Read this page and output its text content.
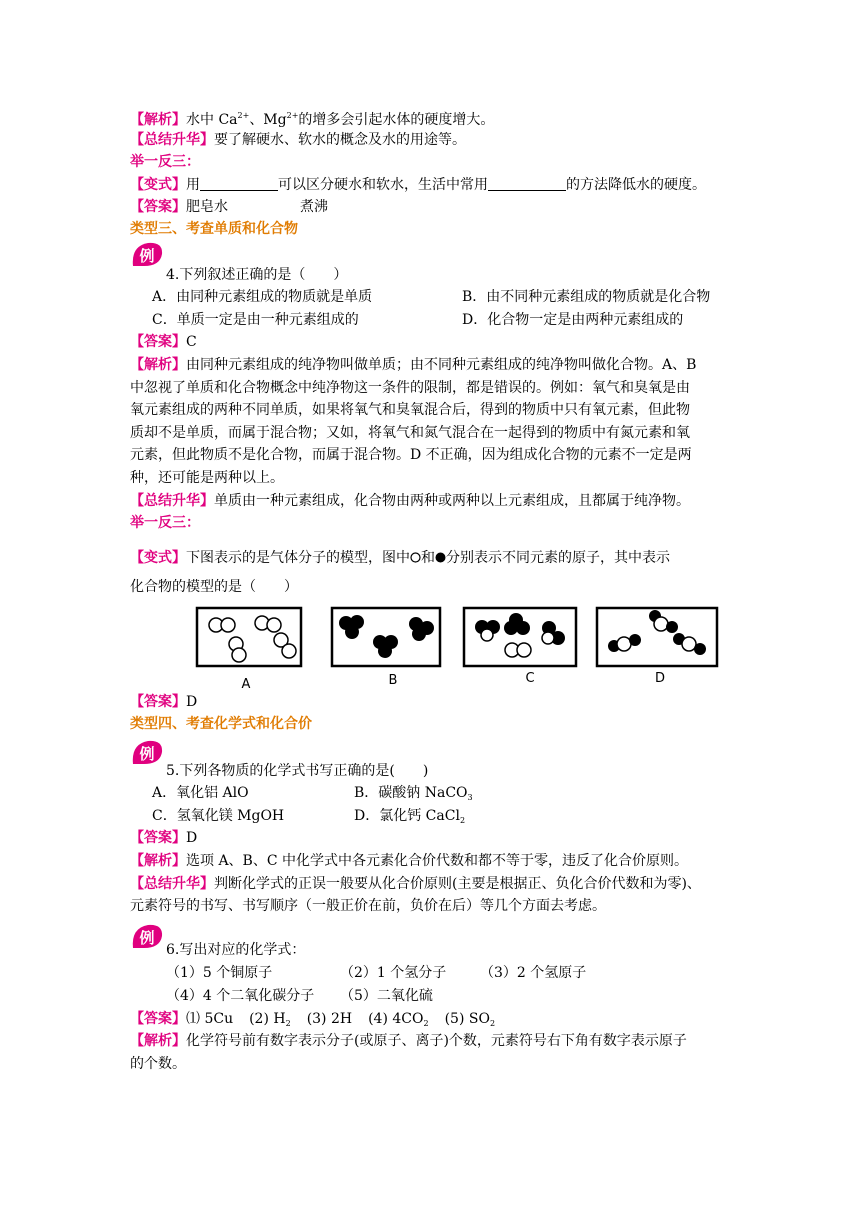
【解析】水中 $Ca^{2+}$、$Mg^{2+}$的增多会引起水体的硬度增大。
【总结升华】要了解硬水、软水的概念及水的用途等。
举一反三：
【变式】用	可以区分硬水和软水，生活中常用	的方法降低水的硬度。
【答案】肥皂水	煮沸
类型三、考查单质和化合物
例
4.下列叙述正确的是（　　）
A．由同种元素组成的物质就是单质	B．由不同种元素组成的物质就是化合物
C．单质一定是由一种元素组成的	D．化合物一定是由两种元素组成的
【答案】C
【解析】由同种元素组成的纯净物叫做单质；由不同种元素组成的纯净物叫做化合物。A、B
中忽视了单质和化合物概念中纯净物这一条件的限制，都是错误的。例如：氧气和臭氧是由
氧元素组成的两种不同单质，如果将氧气和臭氧混合后，得到的物质中只有氧元素，但此物
质却不是单质，而属于混合物；又如，将氧气和氮气混合在一起得到的物质中有氮元素和氧
元素，但此物质不是化合物，而属于混合物。D 不正确，因为组成化合物的元素不一定是两
种，还可能是两种以上。
【总结升华】单质由一种元素组成，化合物由两种或两种以上元素组成，且都属于纯净物。
举一反三：
【变式】下图表示的是气体分子的模型，图中 和 分别表示不同元素的原子，其中表示
化合物的模型的是（　　）
A	B	C	D
【答案】D
类型四、考查化学式和化合价
例
5.下列各物质的化学式书写正确的是(　　)
A．氧化铝 AlO	B．碳酸钠 NaCO$_3$
C．氢氧化镁 MgOH	D．氯化钙 CaCl$_2$
【答案】D
【解析】选项 A、B、C 中化学式中各元素化合价代数和都不等于零，违反了化合价原则。
【总结升华】判断化学式的正误一般要从化合价原则(主要是根据正、负化合价代数和为零)、
元素符号的书写、书写顺序（一般正价在前，负价在后）等几个方面去考虑。
例
6.写出对应的化学式：
（1）5 个铜原子	（2）1 个氢分子 （3）2 个氢原子
（4）4 个二氧化碳分子 （5）二氧化硫
【答案】⑴ 5Cu (2) $H_2$ (3) 2H (4) $4CO_2$ (5) $SO_2$
【解析】化学符号前有数字表示分子(或原子、离子)个数，元素符号右下角有数字表示原子
的个数。
